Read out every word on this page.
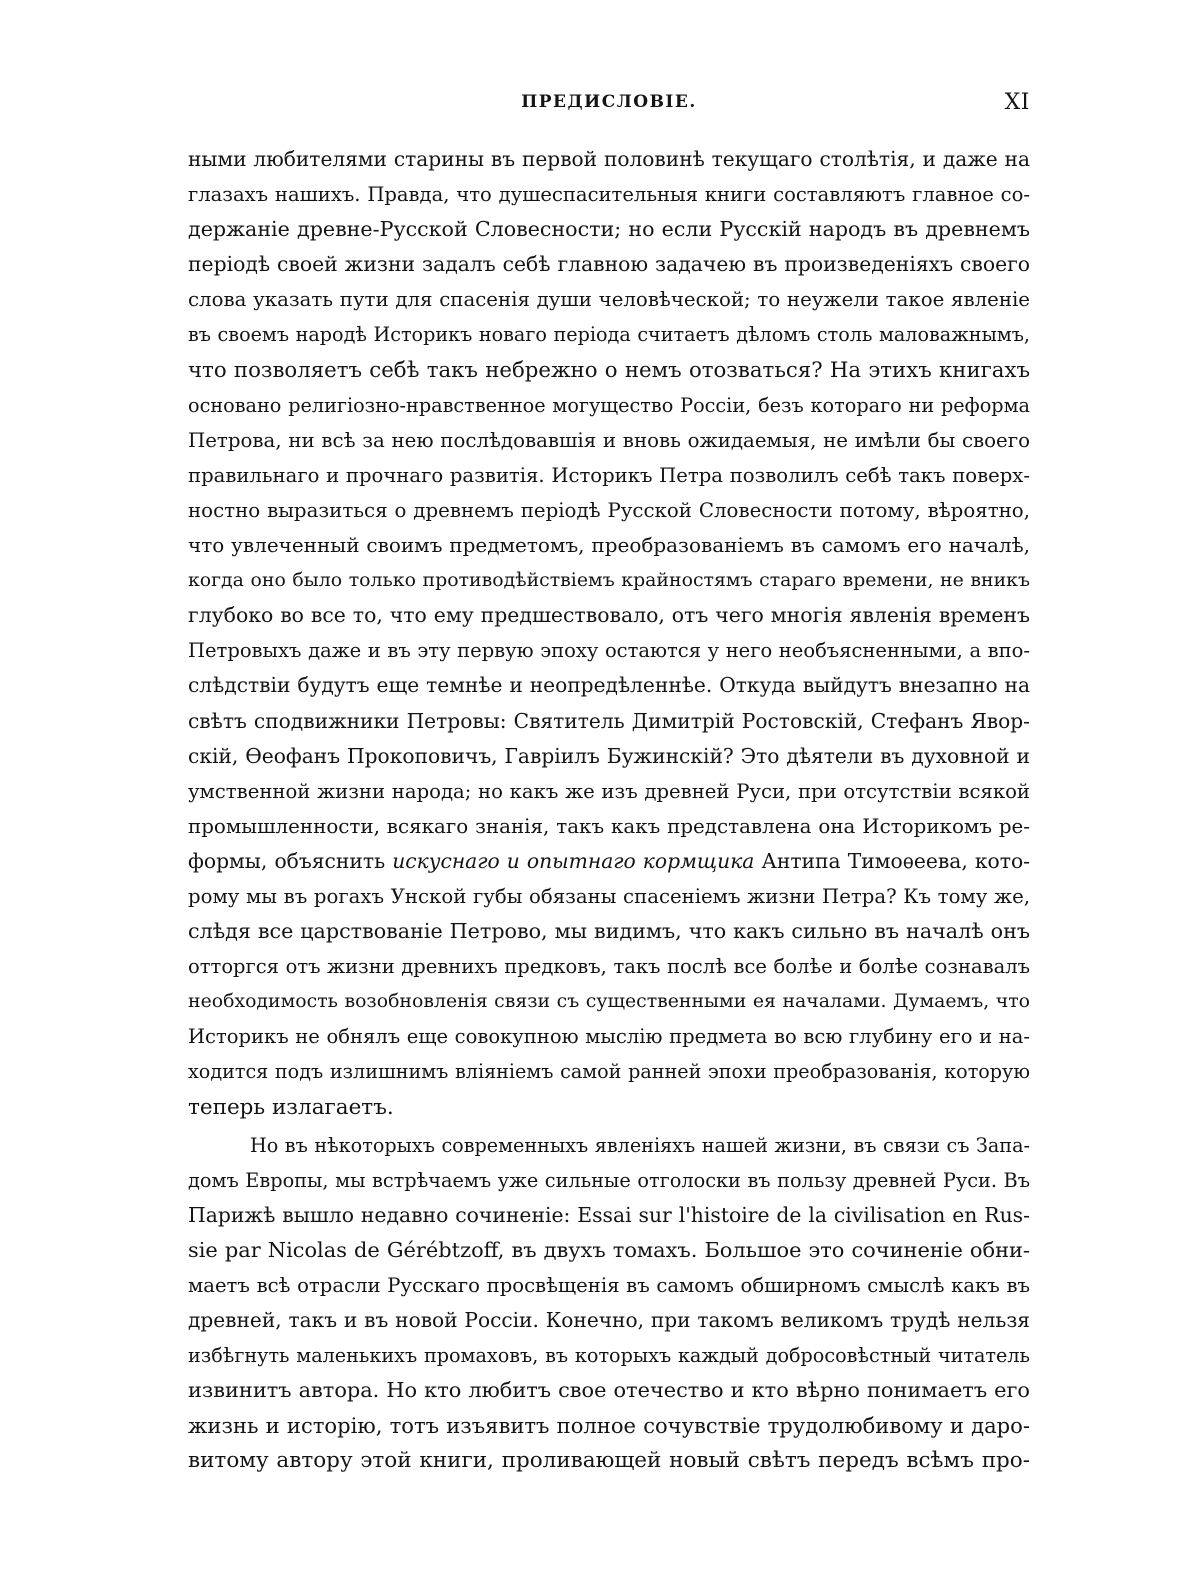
ПРЕДИСЛОВІЕ.	XI
ными любителями старины въ первой половинѣ текущаго столѣтія, и даже на
глазахъ нашихъ. Правда, что душеспасительныя книги составляютъ главное со-
держаніе древне-Русской Словесности; но если Русскій народъ въ древнемъ
періодѣ своей жизни задалъ себѣ главною задачею въ произведеніяхъ своего
слова указать пути для спасенія души человѣческой; то неужели такое явленіе
въ своемъ народѣ Историкъ новаго періода считаетъ дѣломъ столь маловажнымъ,
что позволяетъ себѣ такъ небрежно о немъ отозваться? На этихъ книгахъ
основано религіозно-нравственное могущество Россіи, безъ котораго ни реформа
Петрова, ни всѣ за нею послѣдовавшія и вновь ожидаемыя, не имѣли бы своего
правильнаго и прочнаго развитія. Историкъ Петра позволилъ себѣ такъ поверх-
ностно выразиться о древнемъ періодѣ Русской Словесности потому, вѣроятно,
что увлеченный своимъ предметомъ, преобразованіемъ въ самомъ его началѣ,
когда оно было только противодѣйствіемъ крайностямъ стараго времени, не вникъ
глубоко во все то, что ему предшествовало, отъ чего многія явленія временъ
Петровыхъ даже и въ эту первую эпоху остаются у него необъясненными, а впо-
слѣдствіи будутъ еще темнѣе и неопредѣленнѣе. Откуда выйдутъ внезапно на
свѣтъ сподвижники Петровы: Святитель Димитрій Ростовскій, Стефанъ Явор-
скій, Ѳеофанъ Прокоповичъ, Гавріилъ Бужинскій? Это дѣятели въ духовной и
умственной жизни народа; но какъ же изъ древней Руси, при отсутствіи всякой
промышленности, всякаго знанія, такъ какъ представлена она Историкомъ ре-
формы, объяснить искуснаго и опытнаго кормщика Антипа Тимоѳеева, кото-
рому мы въ рогахъ Унской губы обязаны спасеніемъ жизни Петра? Къ тому же,
слѣдя все царствованіе Петрово, мы видимъ, что какъ сильно въ началѣ онъ
отторгся отъ жизни древнихъ предковъ, такъ послѣ все болѣе и болѣе сознавалъ
необходимость возобновленія связи съ существенными ея началами. Думаемъ, что
Историкъ не обнялъ еще совокупною мыслію предмета во всю глубину его и на-
ходится подъ излишнимъ вліяніемъ самой ранней эпохи преобразованія, которую
теперь излагаетъ.
Но въ нѣкоторыхъ современныхъ явленіяхъ нашей жизни, въ связи съ Запа-
домъ Европы, мы встрѣчаемъ уже сильные отголоски въ пользу древней Руси. Въ
Парижѣ вышло недавно сочиненіе: Essai sur l'histoire de la civilisation en Rus-
sie par Nicolas de Gérébtzoff, въ двухъ томахъ. Большое это сочиненіе обни-
маетъ всѣ отрасли Русскаго просвѣщенія въ самомъ обширномъ смыслѣ какъ въ
древней, такъ и въ новой Россіи. Конечно, при такомъ великомъ трудѣ нельзя
избѣгнуть маленькихъ промаховъ, въ которыхъ каждый добросовѣстный читатель
извинитъ автора. Но кто любитъ свое отечество и кто вѣрно понимаетъ его
жизнь и исторію, тотъ изъявитъ полное сочувствіе трудолюбивому и даро-
витому автору этой книги, проливающей новый свѣтъ передъ всѣмъ про-
